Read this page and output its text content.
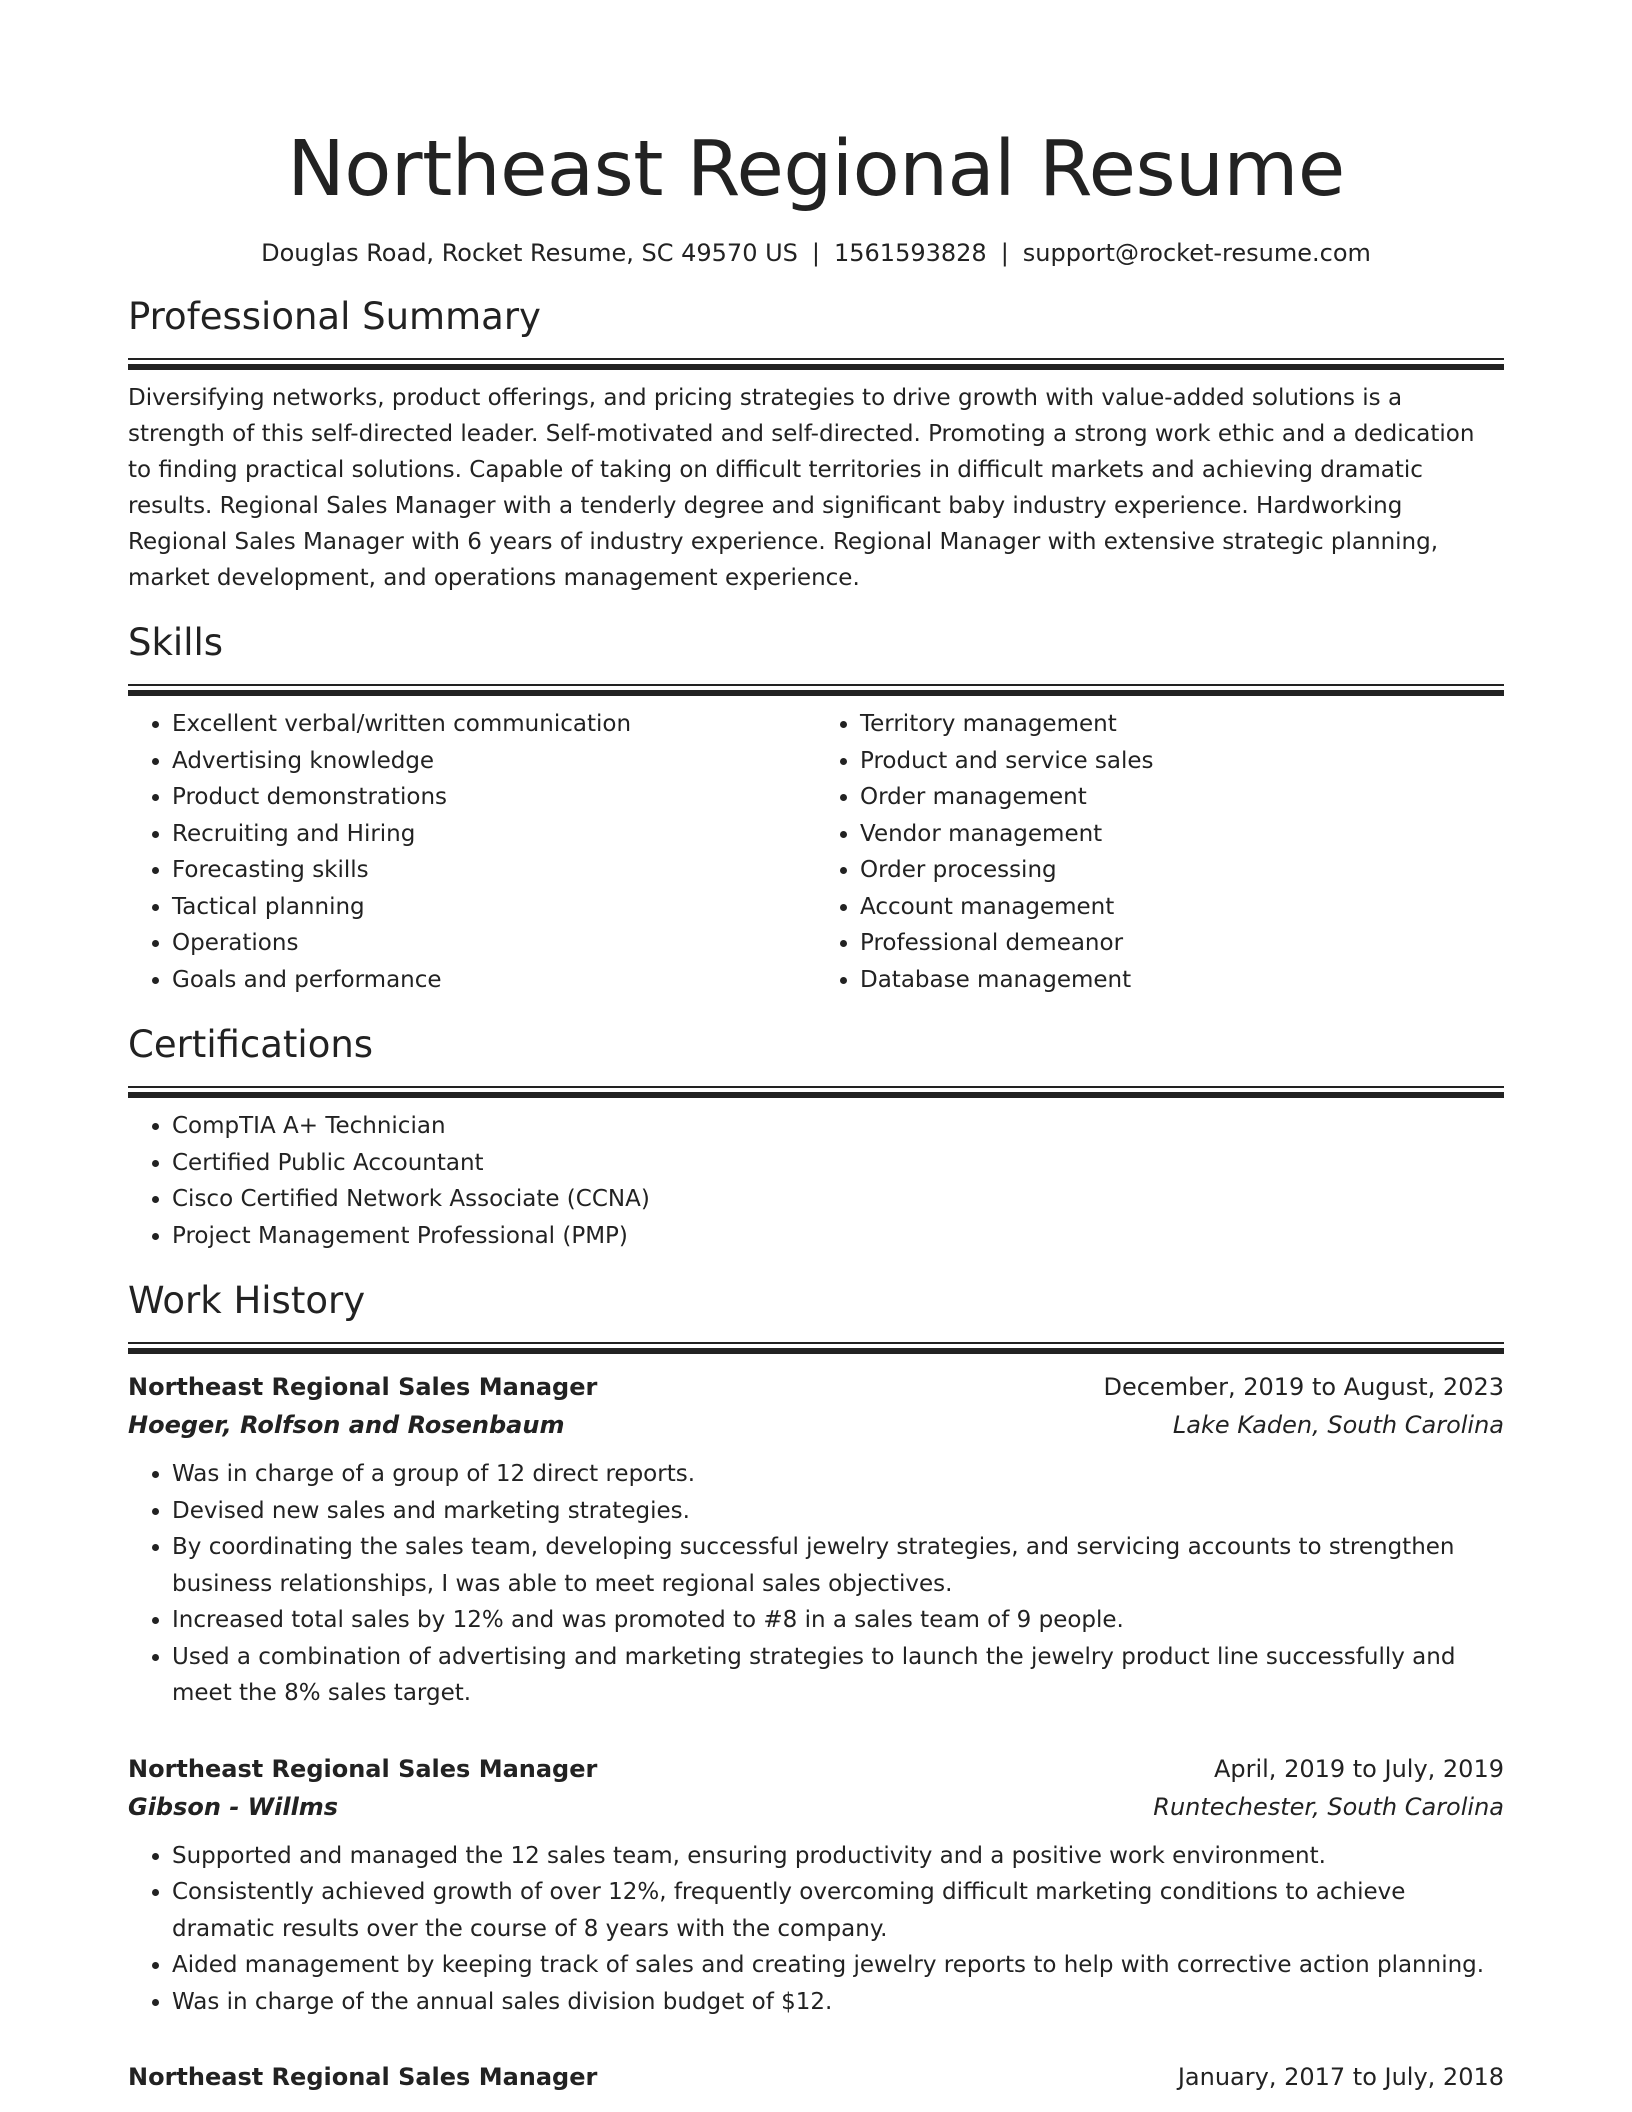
Northeast Regional Resume
Douglas Road, Rocket Resume, SC 49570 US | 1561593828 | support@rocket-resume.com
Professional Summary
Diversifying networks, product offerings, and pricing strategies to drive growth with value-added solutions is a strength of this self-directed leader. Self-motivated and self-directed. Promoting a strong work ethic and a dedication to finding practical solutions. Capable of taking on difficult territories in difficult markets and achieving dramatic results. Regional Sales Manager with a tenderly degree and significant baby industry experience. Hardworking Regional Sales Manager with 6 years of industry experience. Regional Manager with extensive strategic planning, market development, and operations management experience.
Skills
• Excellent verbal/written communication
• Advertising knowledge
• Product demonstrations
• Recruiting and Hiring
• Forecasting skills
• Tactical planning
• Operations
• Goals and performance
• Territory management
• Product and service sales
• Order management
• Vendor management
• Order processing
• Account management
• Professional demeanor
• Database management
Certifications
• CompTIA A+ Technician
• Certified Public Accountant
• Cisco Certified Network Associate (CCNA)
• Project Management Professional (PMP)
Work History
Northeast Regional Sales Manager	December, 2019 to August, 2023
Hoeger, Rolfson and Rosenbaum	Lake Kaden, South Carolina
• Was in charge of a group of 12 direct reports.
• Devised new sales and marketing strategies.
• By coordinating the sales team, developing successful jewelry strategies, and servicing accounts to strengthen business relationships, I was able to meet regional sales objectives.
• Increased total sales by 12% and was promoted to #8 in a sales team of 9 people.
• Used a combination of advertising and marketing strategies to launch the jewelry product line successfully and meet the 8% sales target.
Northeast Regional Sales Manager	April, 2019 to July, 2019
Gibson - Willms	Runtechester, South Carolina
• Supported and managed the 12 sales team, ensuring productivity and a positive work environment.
• Consistently achieved growth of over 12%, frequently overcoming difficult marketing conditions to achieve dramatic results over the course of 8 years with the company.
• Aided management by keeping track of sales and creating jewelry reports to help with corrective action planning.
• Was in charge of the annual sales division budget of $12.
Northeast Regional Sales Manager	January, 2017 to July, 2018
